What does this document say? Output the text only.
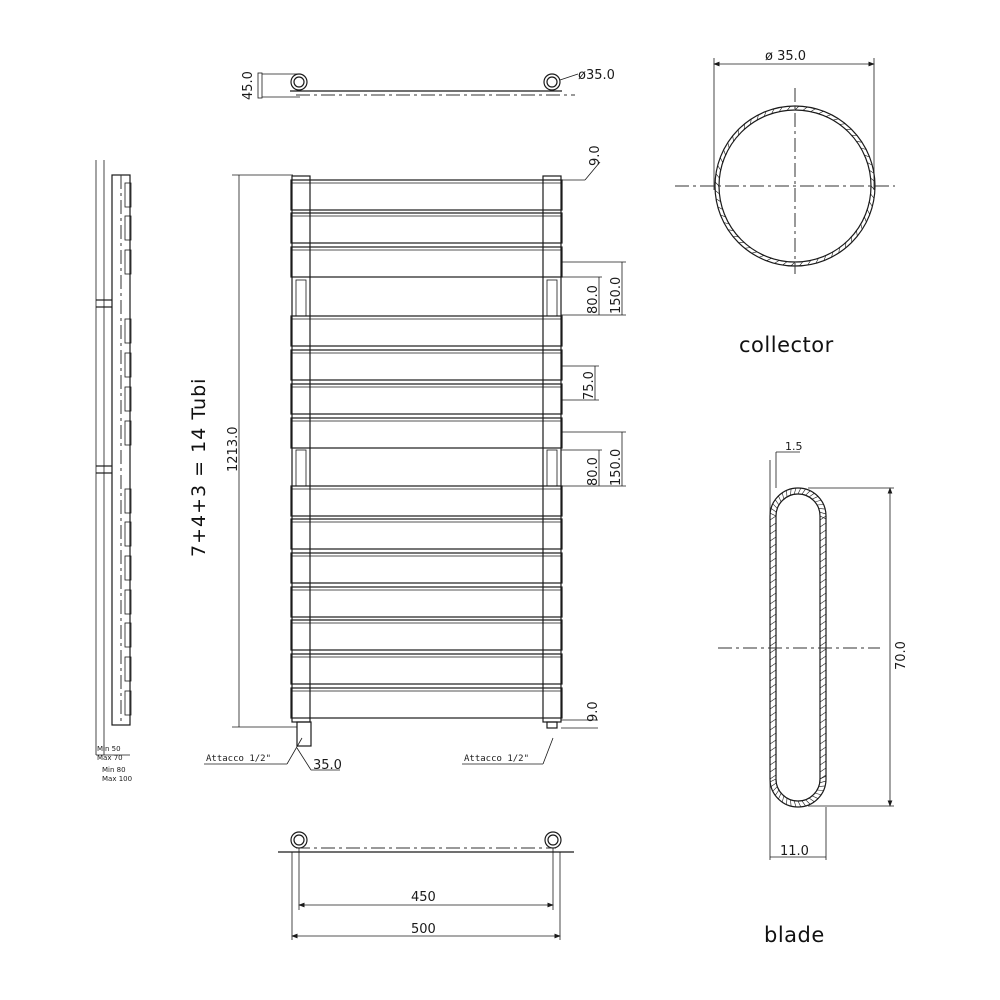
45.0	ø35.0
Min 50
Max 70
Min 80
Max 100
7+4+3 = 14 Tubi 1213.0
9.0
80.0 150.0
75.0
80.0 150.0
9.0
Attacco 1/2"	Attacco 1/2"
35.0
450
500
ø 35.0
collector
1.5
70.0
11.0
blade
